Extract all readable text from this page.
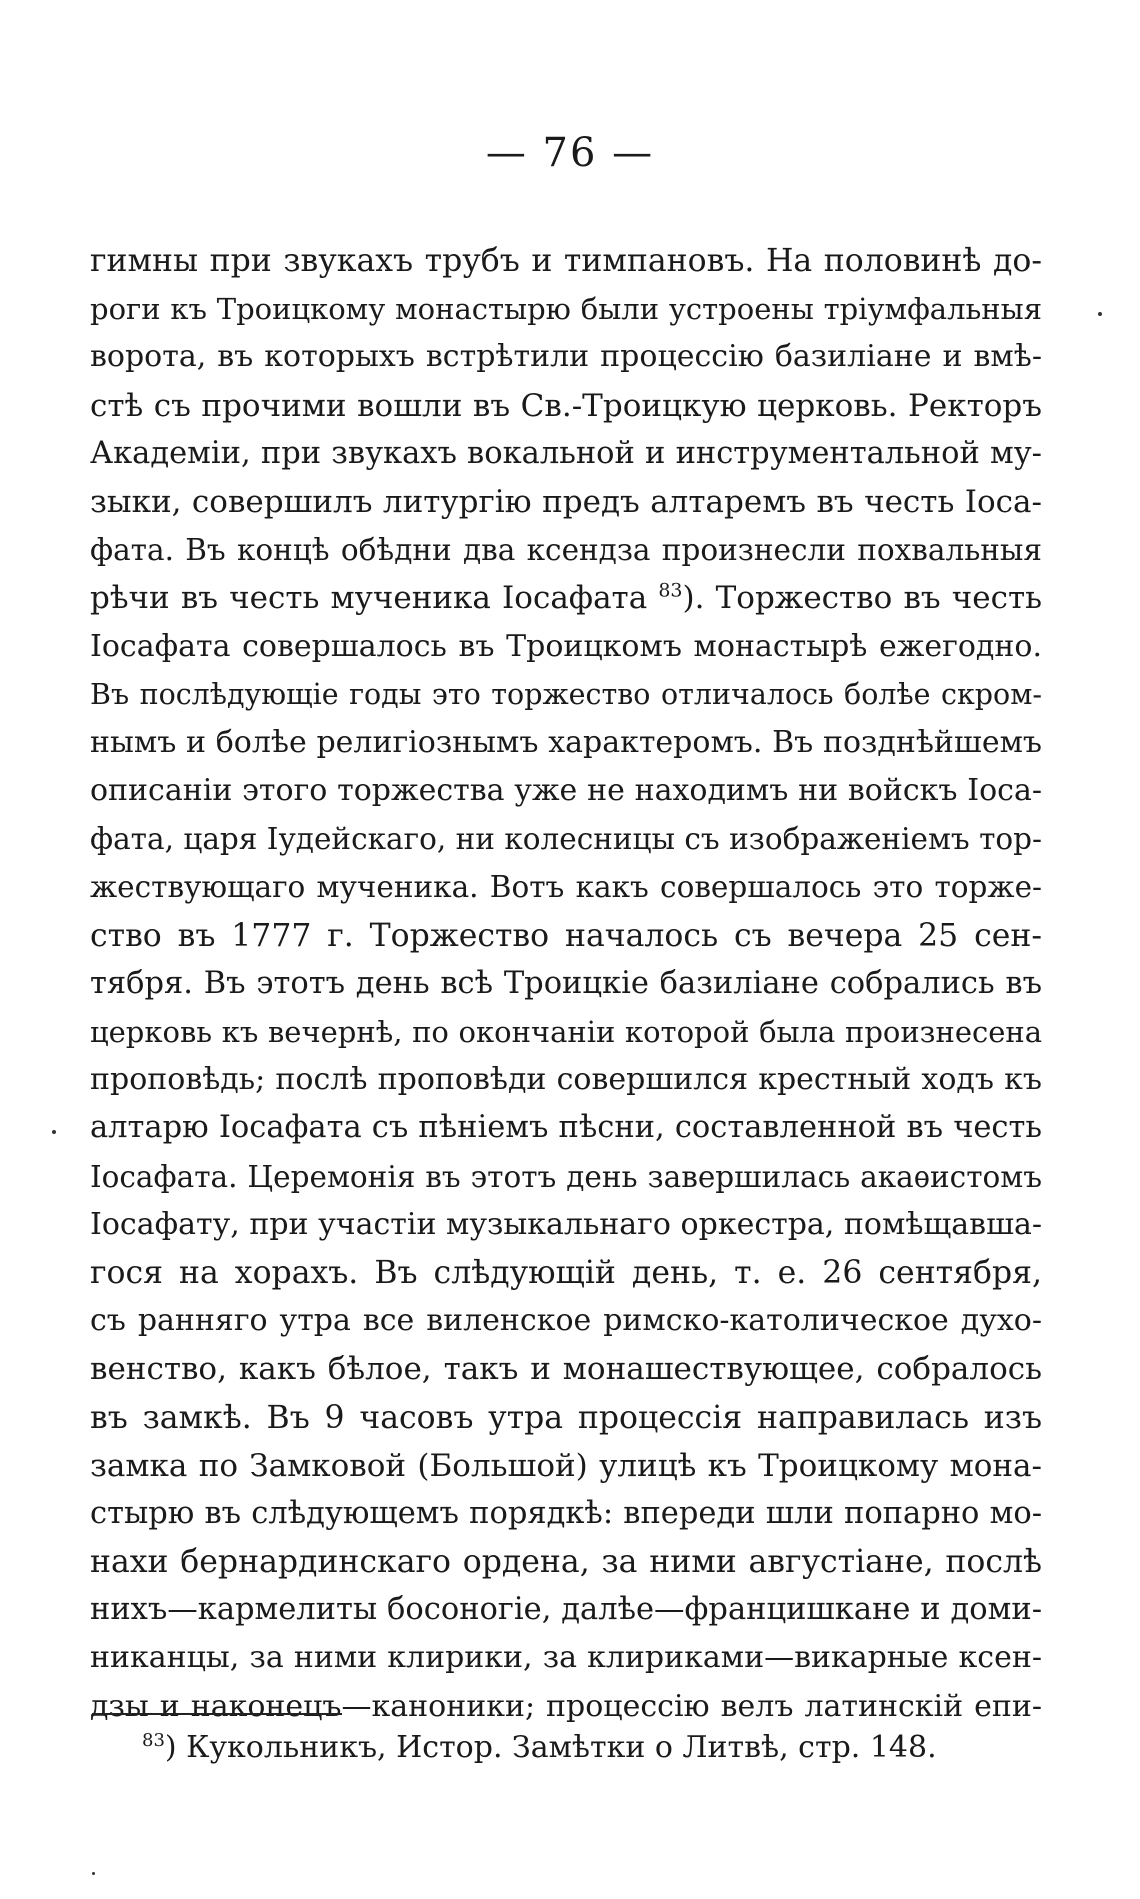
— 76 —
гимны при звукахъ трубъ и тимпановъ. На половинѣ до-
роги къ Троицкому монастырю были устроены тріумфальныя
ворота, въ которыхъ встрѣтили процессію базиліане и вмѣ-
стѣ съ прочими вошли въ Св.-Троицкую церковь. Ректоръ
Академіи, при звукахъ вокальной и инструментальной му-
зыки, совершилъ литургію предъ алтаремъ въ честь Іоса-
фата. Въ концѣ обѣдни два ксендза произнесли похвальныя
рѣчи въ честь мученика Іосафата $^{83}$). Торжество въ честь
Іосафата совершалось въ Троицкомъ монастырѣ ежегодно.
Въ послѣдующіе годы это торжество отличалось болѣе скром-
нымъ и болѣе религіознымъ характеромъ. Въ позднѣйшемъ
описаніи этого торжества уже не находимъ ни войскъ Іоса-
фата, царя Іудейскаго, ни колесницы съ изображеніемъ тор-
жествующаго мученика. Вотъ какъ совершалось это торже-
ство въ 1777 г. Торжество началось съ вечера 25 сен-
тября. Въ этотъ день всѣ Троицкіе базиліане собрались въ
церковь къ вечернѣ, по окончаніи которой была произнесена
проповѣдь; послѣ проповѣди совершился крестный ходъ къ
алтарю Іосафата съ пѣніемъ пѣсни, составленной въ честь
Іосафата. Церемонія въ этотъ день завершилась акаѳистомъ
Іосафату, при участіи музыкальнаго оркестра, помѣщавша-
гося на хорахъ. Въ слѣдующій день, т. е. 26 сентября,
съ ранняго утра все виленское римско-католическое духо-
венство, какъ бѣлое, такъ и монашествующее, собралось
въ замкѣ. Въ 9 часовъ утра процессія направилась изъ
замка по Замковой (Большой) улицѣ къ Троицкому мона-
стырю въ слѣдующемъ порядкѣ: впереди шли попарно мо-
нахи бернардинскаго ордена, за ними августіане, послѣ
нихъ—кармелиты босоногіе, далѣе—францишкане и доми-
никанцы, за ними клирики, за клириками—викарные ксен-
дзы и наконецъ—каноники; процессію велъ латинскій епи-
$^{83}$) Кукольникъ, Истор. Замѣтки о Литвѣ, стр. 148.
